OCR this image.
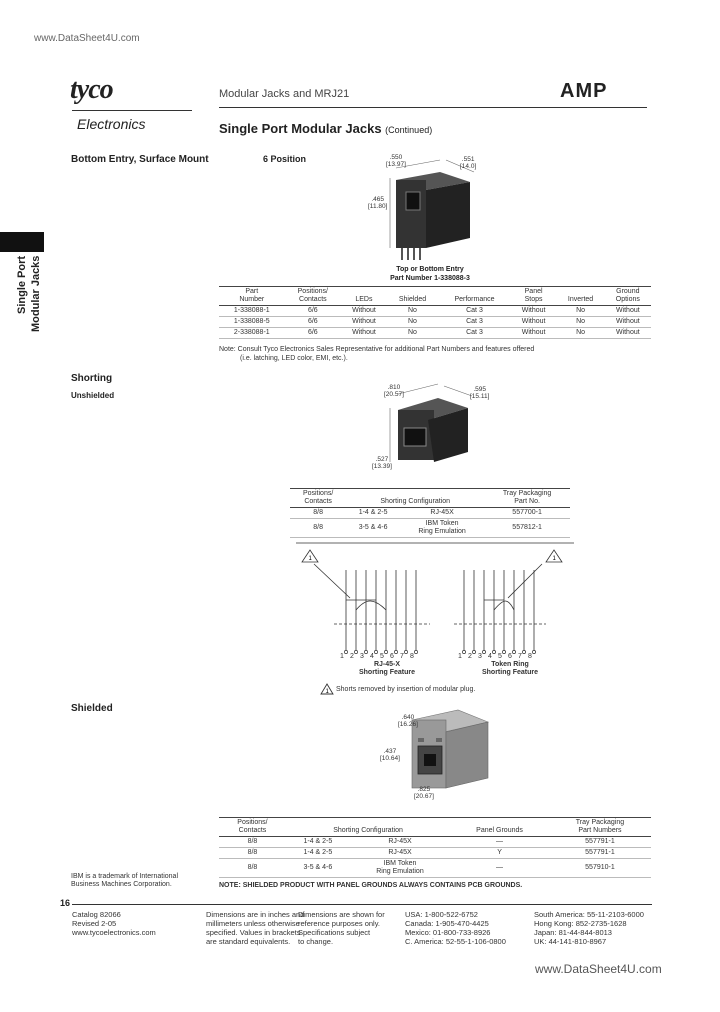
www.DataSheet4U.com
tyco
Electronics
AMP
Modular Jacks and MRJ21
Single Port Modular Jacks (Continued)
Single Port Modular Jacks
Bottom Entry, Surface Mount	6 Position	.550
[13.97]
.551
[14.0]
.465
[11.80]
Top or Bottom Entry
Part Number 1-338088-3
Part
Number	Positions/
Contacts	LEDs	Shielded	Performance	Panel
Stops	Inverted	Ground
Options
1-338088-1	6/6	Without	No	Cat 3	Without	No	Without
1-338088-5	6/6	Without	No	Cat 3	Without	No	Without
2-338088-1	6/6	Without	No	Cat 3	Without	No	Without
Note: Consult Tyco Electronics Sales Representative for additional Part Numbers and features offered
(i.e. latching, LED color, EMI, etc.).
Shorting
Unshielded
.810
[20.57]
.595
[15.11]
.527
[13.39]
Positions/
Contacts	Shorting Configuration		Tray Packaging
Part No.
8/8	1-4 & 2-5	RJ-45X	557700-1
8/8	3-5 & 4-6	IBM Token
Ring Emulation	557812-1
1	1
1 2 3 4 5 6 7 8	1 2 3 4 5 6 7 8
RJ-45-X
Shorting Feature
Token Ring
Shorting Feature
1 Shorts removed by insertion of modular plug.
Shielded
.640
[16.26]
.437
[10.64]
.825
[20.67]
Positions/
Contacts	Shorting Configuration		Panel Grounds	Tray Packaging
Part Numbers
8/8	1-4 & 2-5	RJ-45X	—	557791-1
8/8	1-4 & 2-5	RJ-45X	Y	557791-1
8/8	3-5 & 4-6	IBM Token
Ring Emulation	—	557910-1
IBM is a trademark of International Business Machines Corporation.	NOTE: SHIELDED PRODUCT WITH PANEL GROUNDS ALWAYS CONTAINS PCB GROUNDS.
16
Catalog 82066
Revised 2-05
www.tycoelectronics.com
Dimensions are in inches and
millimeters unless otherwise
specified. Values in brackets
are standard equivalents.
Dimensions are shown for
reference purposes only.
Specifications subject
to change.
USA: 1-800-522-6752
Canada: 1-905-470-4425
Mexico: 01-800-733-8926
C. America: 52-55-1-106-0800
South America: 55-11-2103-6000
Hong Kong: 852-2735-1628
Japan: 81-44-844-8013
UK: 44-141-810-8967
www.DataSheet4U.com
